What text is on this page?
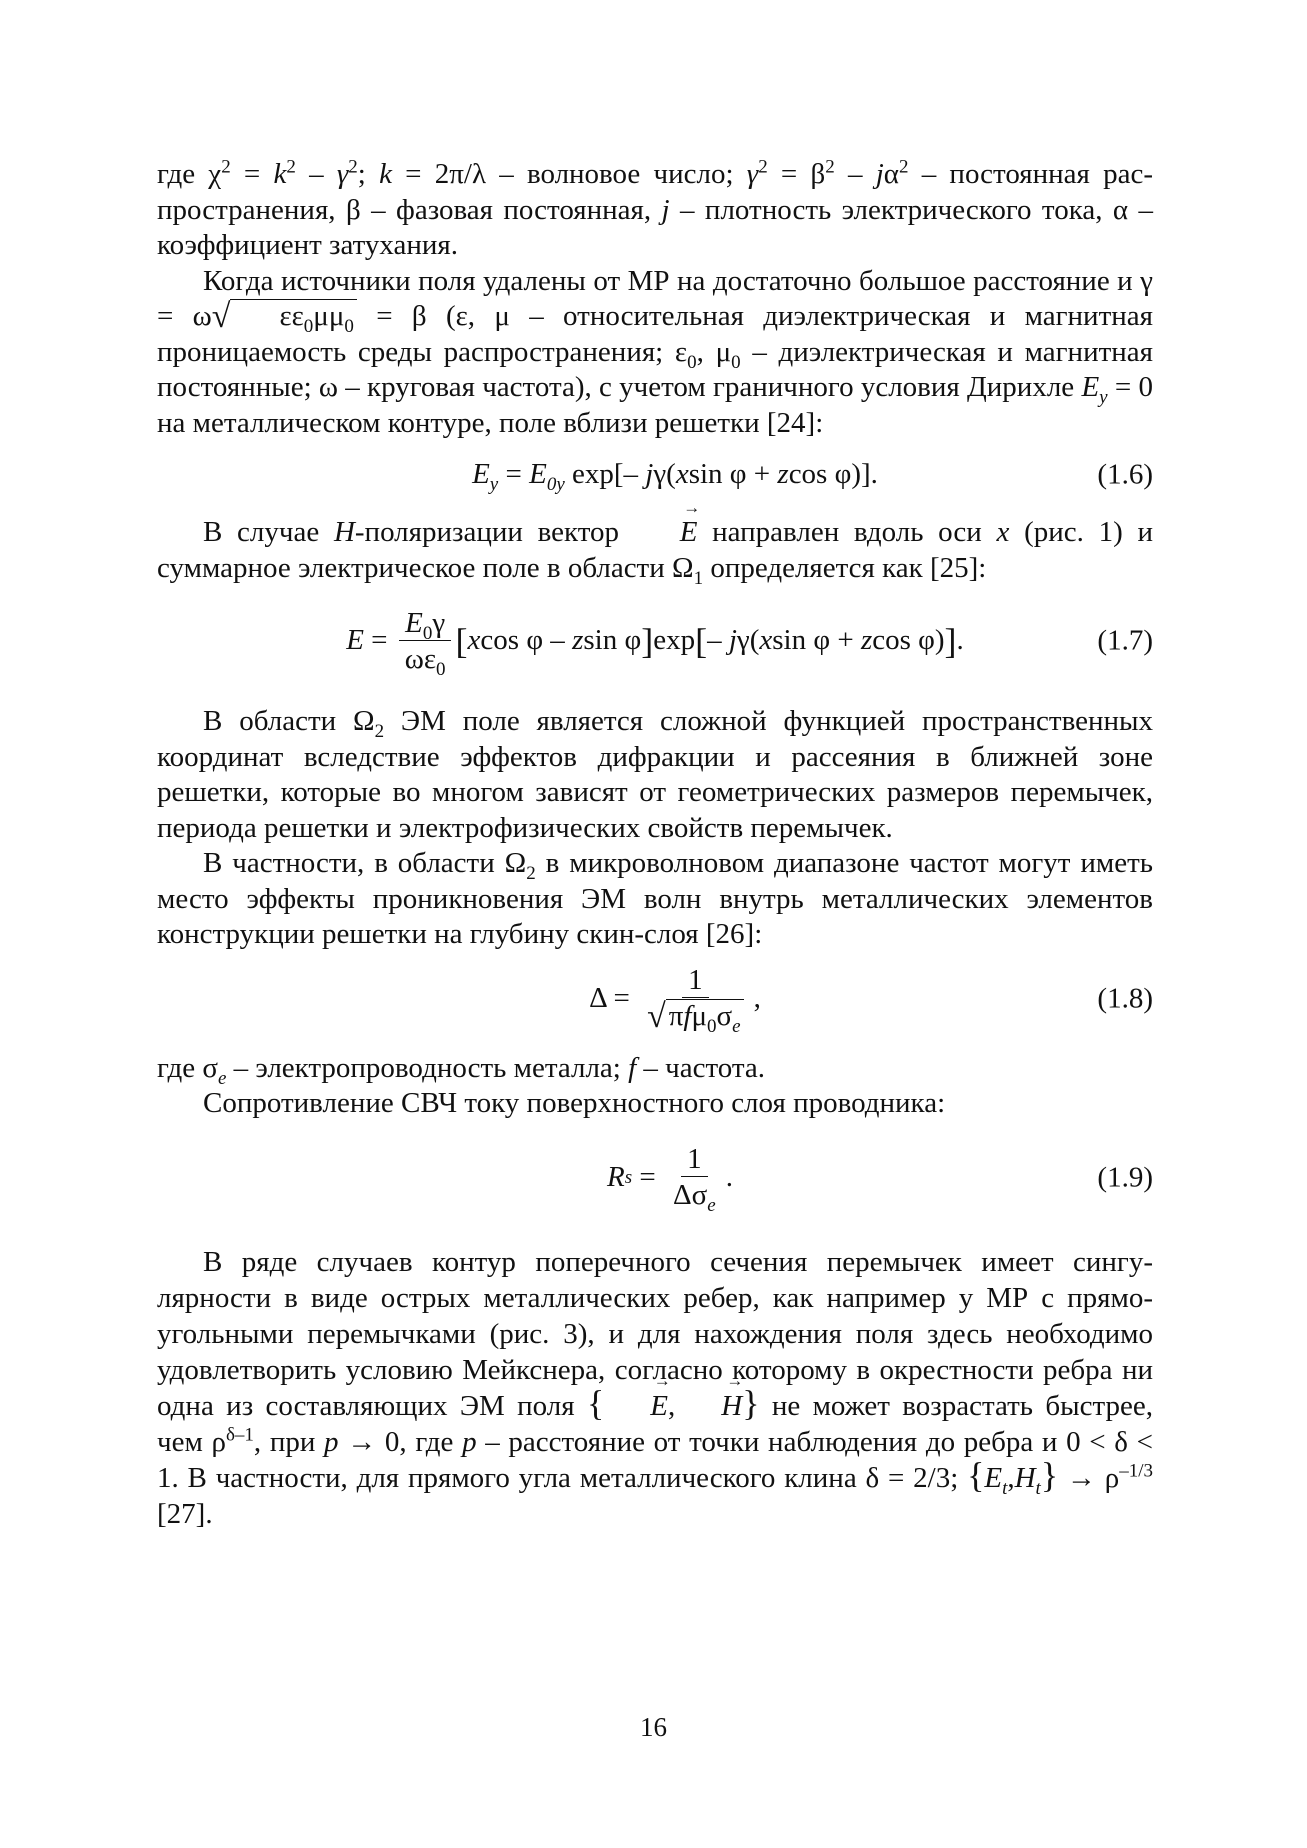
где $\chi^2 = k^2 - \gamma^2$; k = 2π/λ – волновое число; $\gamma^2 = \beta^2 - j\alpha^2$ – постоянная распространения, β – фазовая постоянная, j – плотность электрического тока, α – коэффициент затухания.

Когда источники поля удалены от МР на достаточно большое расстояние и γ = ω√ $\varepsilon\varepsilon_0\mu\mu_0 = \beta$ (ε, μ – относительная диэлектрическая и магнитная проницаемость среды распространения; $\varepsilon_0$, $\mu_0$ – диэлектрическая и магнитная постоянные; ω – круговая частота), с учетом граничного условия Дирихле $E_y = 0$ на металлическом контуре, поле вблизи решетки [24]:

$E_y = E_{0y}$ exp[– jγ(xsin φ + zcos φ)].	(1.6)

В случае H-поляризации вектор → E направлен вдоль оси x (рис. 1) и суммарное электрическое поле в области $\Omega_1$ определяется как [25]:

$E = \frac{E_0\gamma}{\omega\varepsilon_0}$ [ x cos φ – z sin φ ] exp [ – j γ( x sin φ + z cos φ) ] .	(1.7)

В области $\Omega_2$ ЭМ поле является сложной функцией пространственных координат вследствие эффектов дифракции и рассеяния в ближней зоне решетки, которые во многом зависят от геометрических размеров перемычек, периода решетки и электрофизических свойств перемычек.

В частности, в области $\Omega_2$ в микроволновом диапазоне частот могут иметь место эффекты проникновения ЭМ волн внутрь металлических элементов конструкции решетки на глубину скин-слоя [26]:

$\Delta = \frac{1}{√ \pi f\mu_0\sigma_e}$ ,	(1.8)

где $\sigma_e$ – электропроводность металла; f – частота.

Сопротивление СВЧ току поверхностного слоя проводника:

R $s = \frac{1}{\Delta\sigma_e}$ .	(1.9)

В ряде случаев контур поперечного сечения перемычек имеет сингулярности в виде острых металлических ребер, как например у МР с прямоугольными перемычками (рис. 3), и для нахождения поля здесь необходимо удовлетворить условию Мейкснера, согласно которому в окрестности ребра ни одна из составляющих ЭМ поля { → E, → H} не может возрастать быстрее, чем $\rho^{\delta-1}$, при p → 0, где p – расстояние от точки наблюдения до ребра и 0 < δ < 1. В частности, для прямого угла металлического клина δ = 2/3; $\{E_t,H_t\} \to \rho^{-1/3}$ [27].

16
